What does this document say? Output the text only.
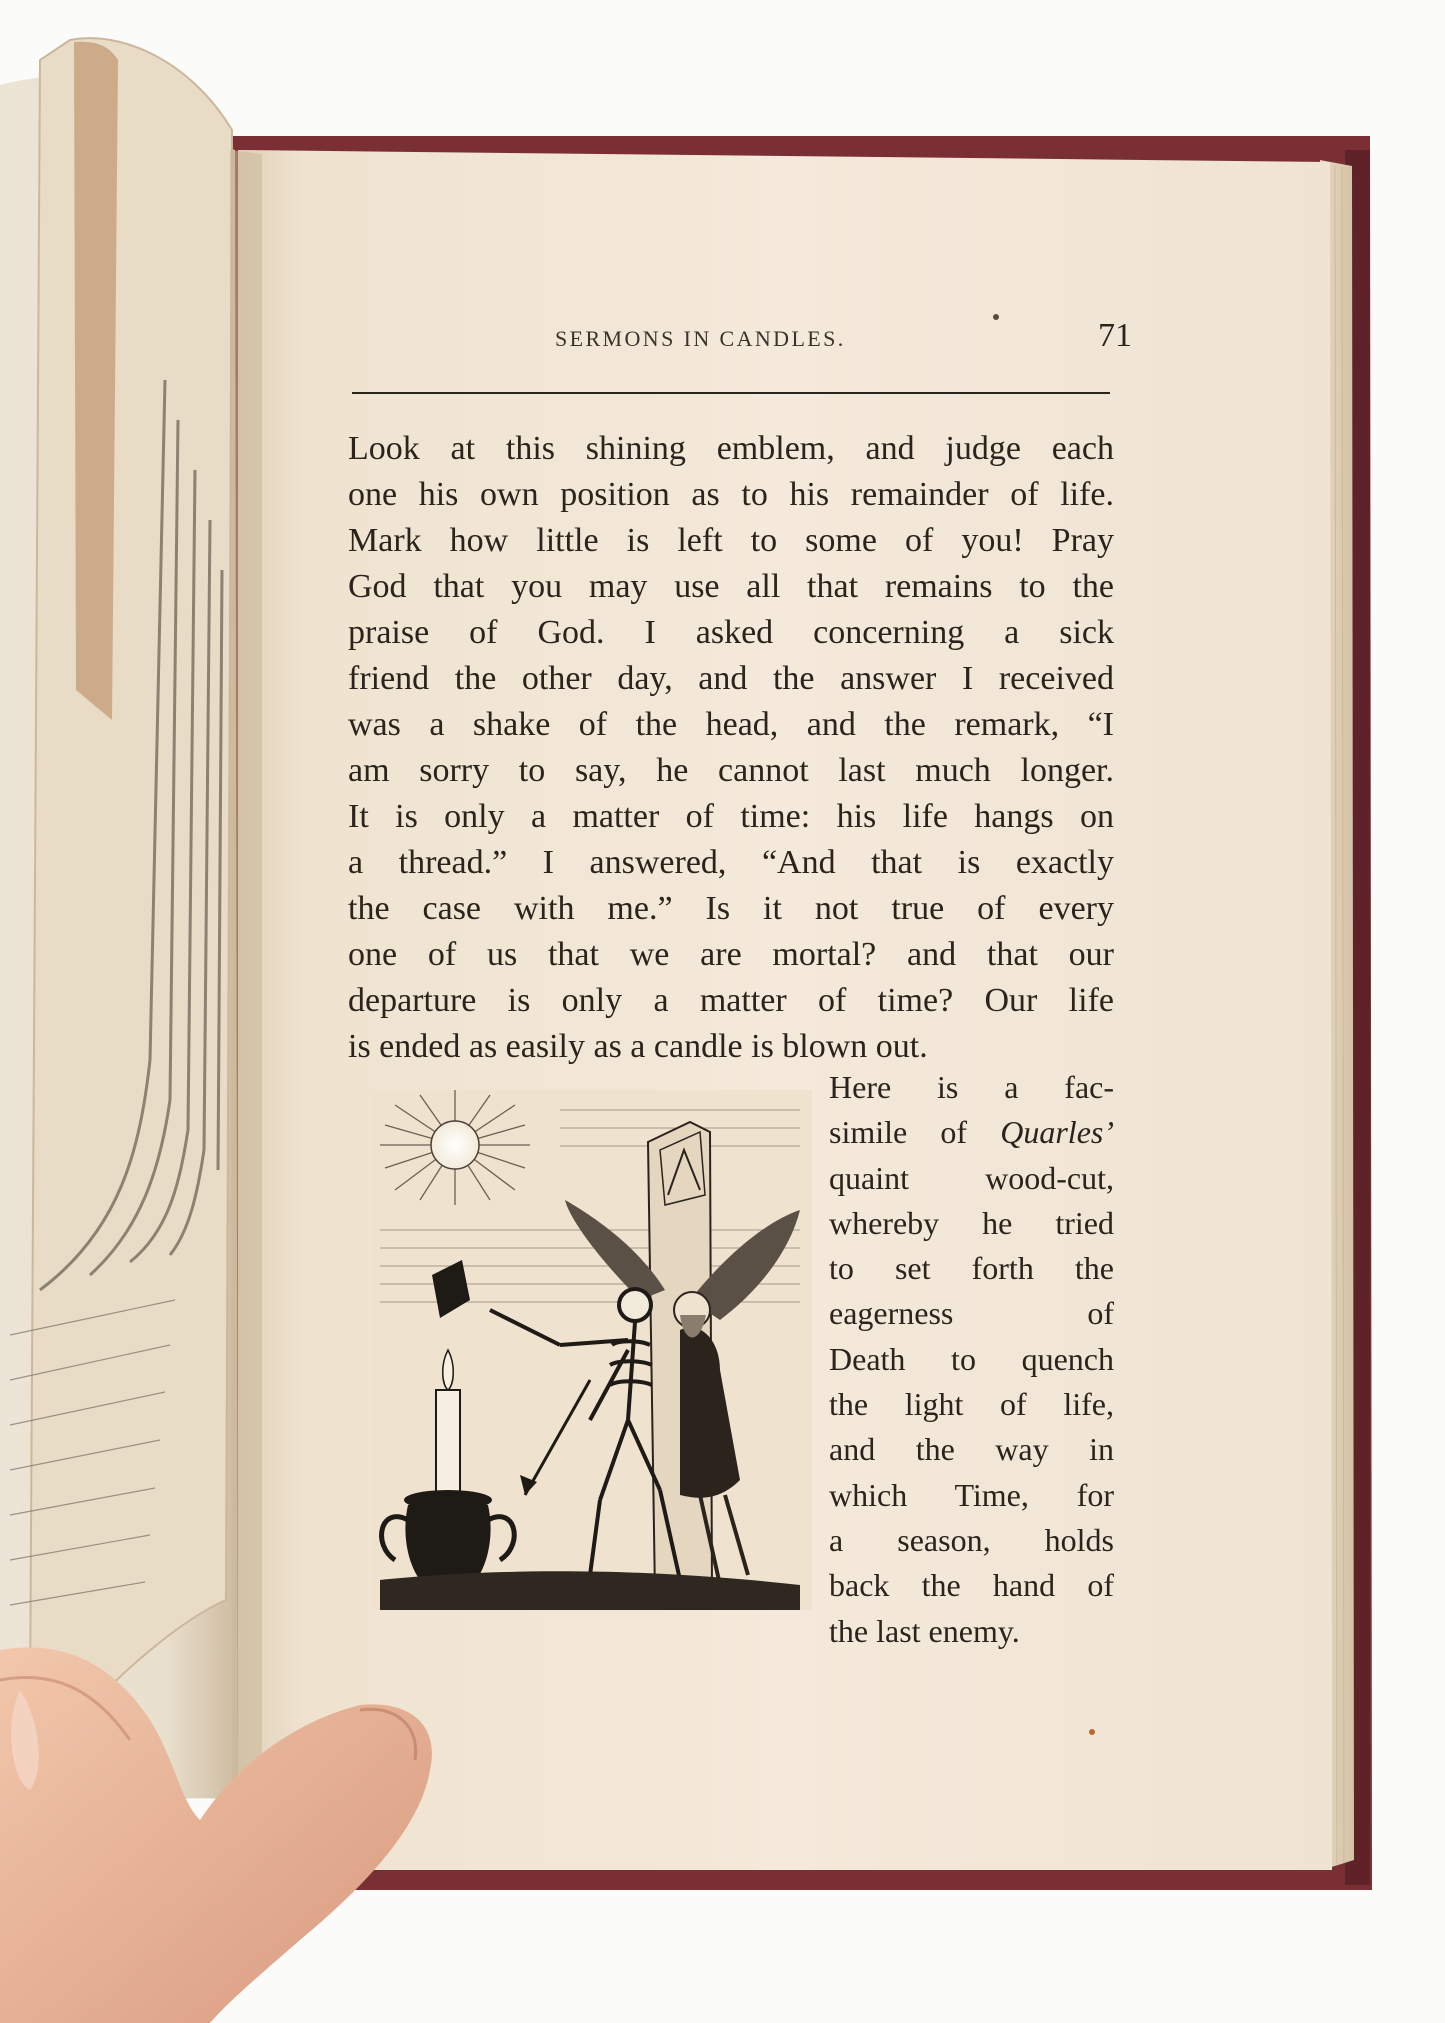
SERMONS IN CANDLES.	71
Look at this shining emblem, and judge each
one his own position as to his remainder of life.
Mark how little is left to some of you! Pray
God that you may use all that remains to the
praise of God. I asked concerning a sick
friend the other day, and the answer I received
was a shake of the head, and the remark, “I
am sorry to say, he cannot last much longer.
It is only a matter of time: his life hangs on
a thread.” I answered, “And that is exactly
the case with me.” Is it not true of every
one of us that we are mortal? and that our
departure is only a matter of time? Our life
is ended as easily as a candle is blown out.
Here is a fac-
simile of Quarles’
quaint wood-cut,
whereby he tried
to set forth the
eagerness of
Death to quench
the light of life,
and the way in
which Time, for
a season, holds
back the hand of
the last enemy.
